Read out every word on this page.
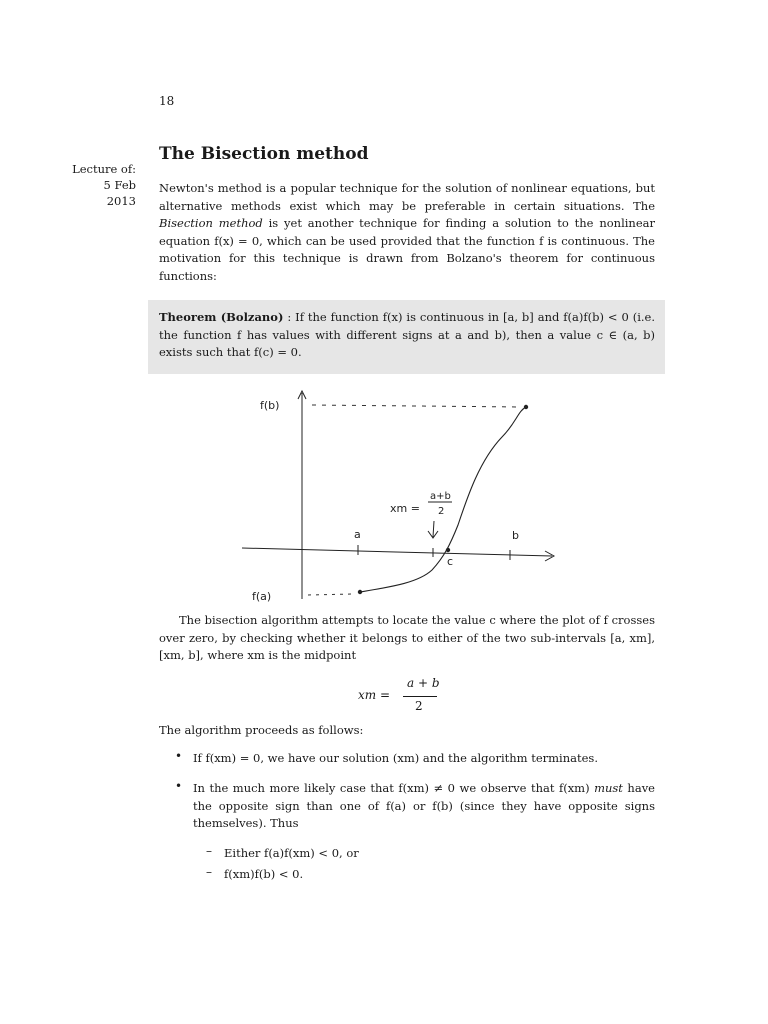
18
Lecture of:
5 Feb 2013
The Bisection method

Newton's method is a popular technique for the solution of nonlinear equations, but alternative methods exist which may be preferable in certain situations. The Bisection method is yet another technique for finding a solution to the nonlinear equation f(x) = 0, which can be used provided that the function f is continuous. The motivation for this technique is drawn from Bolzano's theorem for continuous functions:

Theorem (Bolzano) : If the function f(x) is continuous in [a, b] and f(a)f(b) < 0 (i.e. the function f has values with different signs at a and b), then a value c ∈ (a, b) exists such that f(c) = 0.

f(b)
f(a)
a	b
c
xm =
a+b
2

The bisection algorithm attempts to locate the value c where the plot of f crosses over zero, by checking whether it belongs to either of the two sub-intervals [a, xm], [xm, b], where xm is the midpoint

xm =
a + b
2

The algorithm proceeds as follows:

• If f(xm) = 0, we have our solution (xm) and the algorithm terminates.

• In the much more likely case that f(xm) ≠ 0 we observe that f(xm) must have the opposite sign than one of f(a) or f(b) (since they have opposite signs themselves). Thus

– Either f(a)f(xm) < 0, or

– f(xm)f(b) < 0.
